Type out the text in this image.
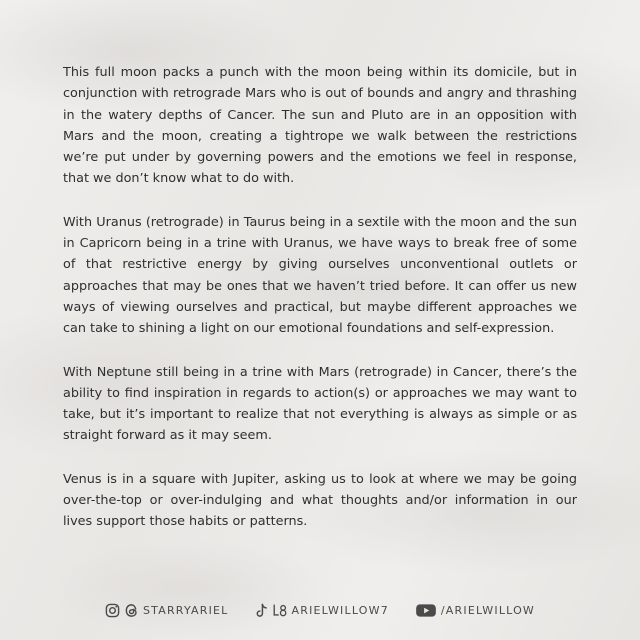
This full moon packs a punch with the moon being within its domicile, but in conjunction with retrograde Mars who is out of bounds and angry and thrashing in the watery depths of Cancer. The sun and Pluto are in an opposition with Mars and the moon, creating a tightrope we walk between the restrictions we’re put under by governing powers and the emotions we feel in response, that we don’t know what to do with.

With Uranus (retrograde) in Taurus being in a sextile with the moon and the sun in Capricorn being in a trine with Uranus, we have ways to break free of some of that restrictive energy by giving ourselves unconventional outlets or approaches that may be ones that we haven’t tried before. It can offer us new ways of viewing ourselves and practical, but maybe different approaches we can take to shining a light on our emotional foundations and self-expression.

With Neptune still being in a trine with Mars (retrograde) in Cancer, there’s the ability to find inspiration in regards to action(s) or approaches we may want to take, but it’s important to realize that not everything is always as simple or as straight forward as it may seem.

Venus is in a square with Jupiter, asking us to look at where we may be going over-the-top or over-indulging and what thoughts and/or information in our lives support those habits or patterns.

STARRYARIEL	ARIELWILLOW7	/ARIELWILLOW
